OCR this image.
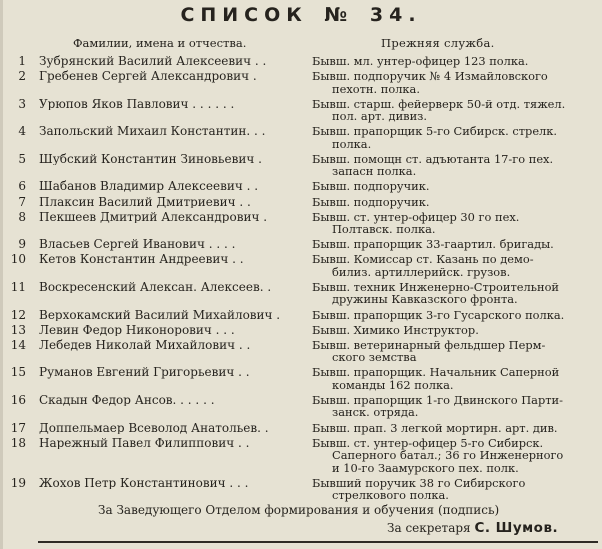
СПИСОК № 34.
Фамилии, имена и отчества.	Прежняя служба.
1 Зубрянский Василий Алексеевич . .	Бывш. мл. унтер-офицер 123 полка.
2 Гребенев Сергей Александрович .	Бывш. подпоручик № 4 Измайловского
пехотн. полка.
3 Урюпов Яков Павлович . . . . . .	Бывш. старш. фейерверк 50-й отд. тяжел.
пол. арт. дивиз.
4 Запольский Михаил Константин. . .	Бывш. прапорщик 5-го Сибирск. стрелк.
полка.
5 Шубский Константин Зиновьевич .	Бывш. помощн ст. адъютанта 17-го пех.
запасн полка.
6 Шабанов Владимир Алексеевич . .	Бывш. подпоручик.
7 Плаксин Василий Дмитриевич . .	Бывш. подпоручик.
8 Пекшеев Дмитрий Александрович .	Бывш. ст. унтер-офицер 30 го пех.
Полтавск. полка.
9 Власьев Сергей Иванович . . . .	Бывш. прапорщик 33-гаартил. бригады.
10 Кетов Константин Андреевич . .	Бывш. Комиссар ст. Казань по демо-
билиз. артиллерийск. грузов.
11 Воскресенский Алексан. Алексеев. .	Бывш. техник Инженерно-Строительной
дружины Кавказского фронта.
12 Верхокамский Василий Михайлович .	Бывш. прапорщик 3-го Гусарского полка.
13 Левин Федор Никонорович . . .	Бывш. Химико Инструктор.
14 Лебедев Николай Михайлович . .	Бывш. ветеринарный фельдшер Перм-
ского земства
15 Руманов Евгений Григорьевич . .	Бывш. прапорщик. Начальник Саперной
команды 162 полка.
16 Скадын Федор Ансов. . . . . .	Бывш. прапорщик 1-го Двинского Парти-
занск. отряда.
17 Доппельмаер Всеволод Анатольев. .	Бывш. прап. 3 легкой мортирн. арт. див.
18 Нарежный Павел Филиппович . .	Бывш. ст. унтер-офицер 5-го Сибирск.
Саперного батал.; 36 го Инженерного
и 10-го Заамурского пех. полк.
19 Жохов Петр Константинович . . .	Бывший поручик 38 го Сибирского
стрелкового полка.
За Заведующего Отделом формирования и обучения (подпись)
За секретаря С. Шумов.
